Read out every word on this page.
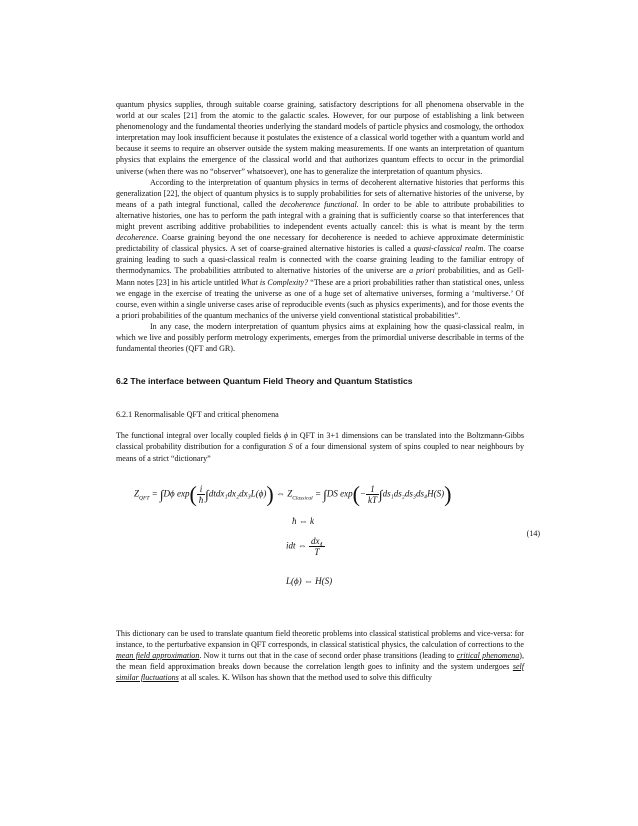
quantum physics supplies, through suitable coarse graining, satisfactory descriptions for all phenomena observable in the world at our scales [21] from the atomic to the galactic scales. However, for our purpose of establishing a link between phenomenology and the fundamental theories underlying the standard models of particle physics and cosmology, the orthodox interpretation may look insufficient because it postulates the existence of a classical world together with a quantum world and because it seems to require an observer outside the system making measurements. If one wants an interpretation of quantum physics that explains the emergence of the classical world and that authorizes quantum effects to occur in the primordial universe (when there was no “observer” whatsoever), one has to generalize the interpretation of quantum physics.

According to the interpretation of quantum physics in terms of decoherent alternative histories that performs this generalization [22], the object of quantum physics is to supply probabilities for sets of alternative histories of the universe, by means of a path integral functional, called the decoherence functional. In order to be able to attribute probabilities to alternative histories, one has to perform the path integral with a graining that is sufficiently coarse so that interferences that might prevent ascribing additive probabilities to independent events actually cancel: this is what is meant by the term decoherence. Coarse graining beyond the one necessary for decoherence is needed to achieve approximate deterministic predictability of classical physics. A set of coarse-grained alternative histories is called a quasi-classical realm. The coarse graining leading to such a quasi-classical realm is connected with the coarse graining leading to the familiar entropy of thermodynamics. The probabilities attributed to alternative histories of the universe are a priori probabilities, and as Gell-Mann notes [23] in his article untitled What is Complexity? “These are a priori probabilities rather than statistical ones, unless we engage in the exercise of treating the universe as one of a huge set of alternative universes, forming a ‘multiverse.’ Of course, even within a single universe cases arise of reproducible events (such as physics experiments), and for those events the a priori probabilities of the quantum mechanics of the universe yield conventional statistical probabilities”.

In any case, the modern interpretation of quantum physics aims at explaining how the quasi-classical realm, in which we live and possibly perform metrology experiments, emerges from the primordial universe describable in terms of the fundamental theories (QFT and GR).

6.2 The interface between Quantum Field Theory and Quantum Statistics

6.2.1 Renormalisable QFT and critical phenomena

The functional integral over locally coupled fields ϕ in QFT in 3+1 dimensions can be translated into the Boltzmann-Gibbs classical probability distribution for a configuration S of a four dimensional system of spins coupled to near neighbours by means of a strict “dictionary”

$Z_{QFT} = \int D\phi$ $\exp( \frac{i}{ħ}$ ∫dtdx₁dx₂dx₃L(ϕ)) ⇔ $Z_{Classical} = \int DS$ $\exp(- \frac{1}{kT} \int ds_1ds_2ds_3ds_4H(S))$
ħ ⇔ k
idt ⇔ $\frac{\text{dx₄}}{T}$
L(ϕ) ⇔ H(S)
(14)

This dictionary can be used to translate quantum field theoretic problems into classical statistical problems and vice-versa: for instance, to the perturbative expansion in QFT corresponds, in classical statistical physics, the calculation of corrections to the mean field approximation. Now it turns out that in the case of second order phase transitions (leading to critical phenomena), the mean field approximation breaks down because the correlation length goes to infinity and the system undergoes self similar fluctuations at all scales. K. Wilson has shown that the method used to solve this difficulty
